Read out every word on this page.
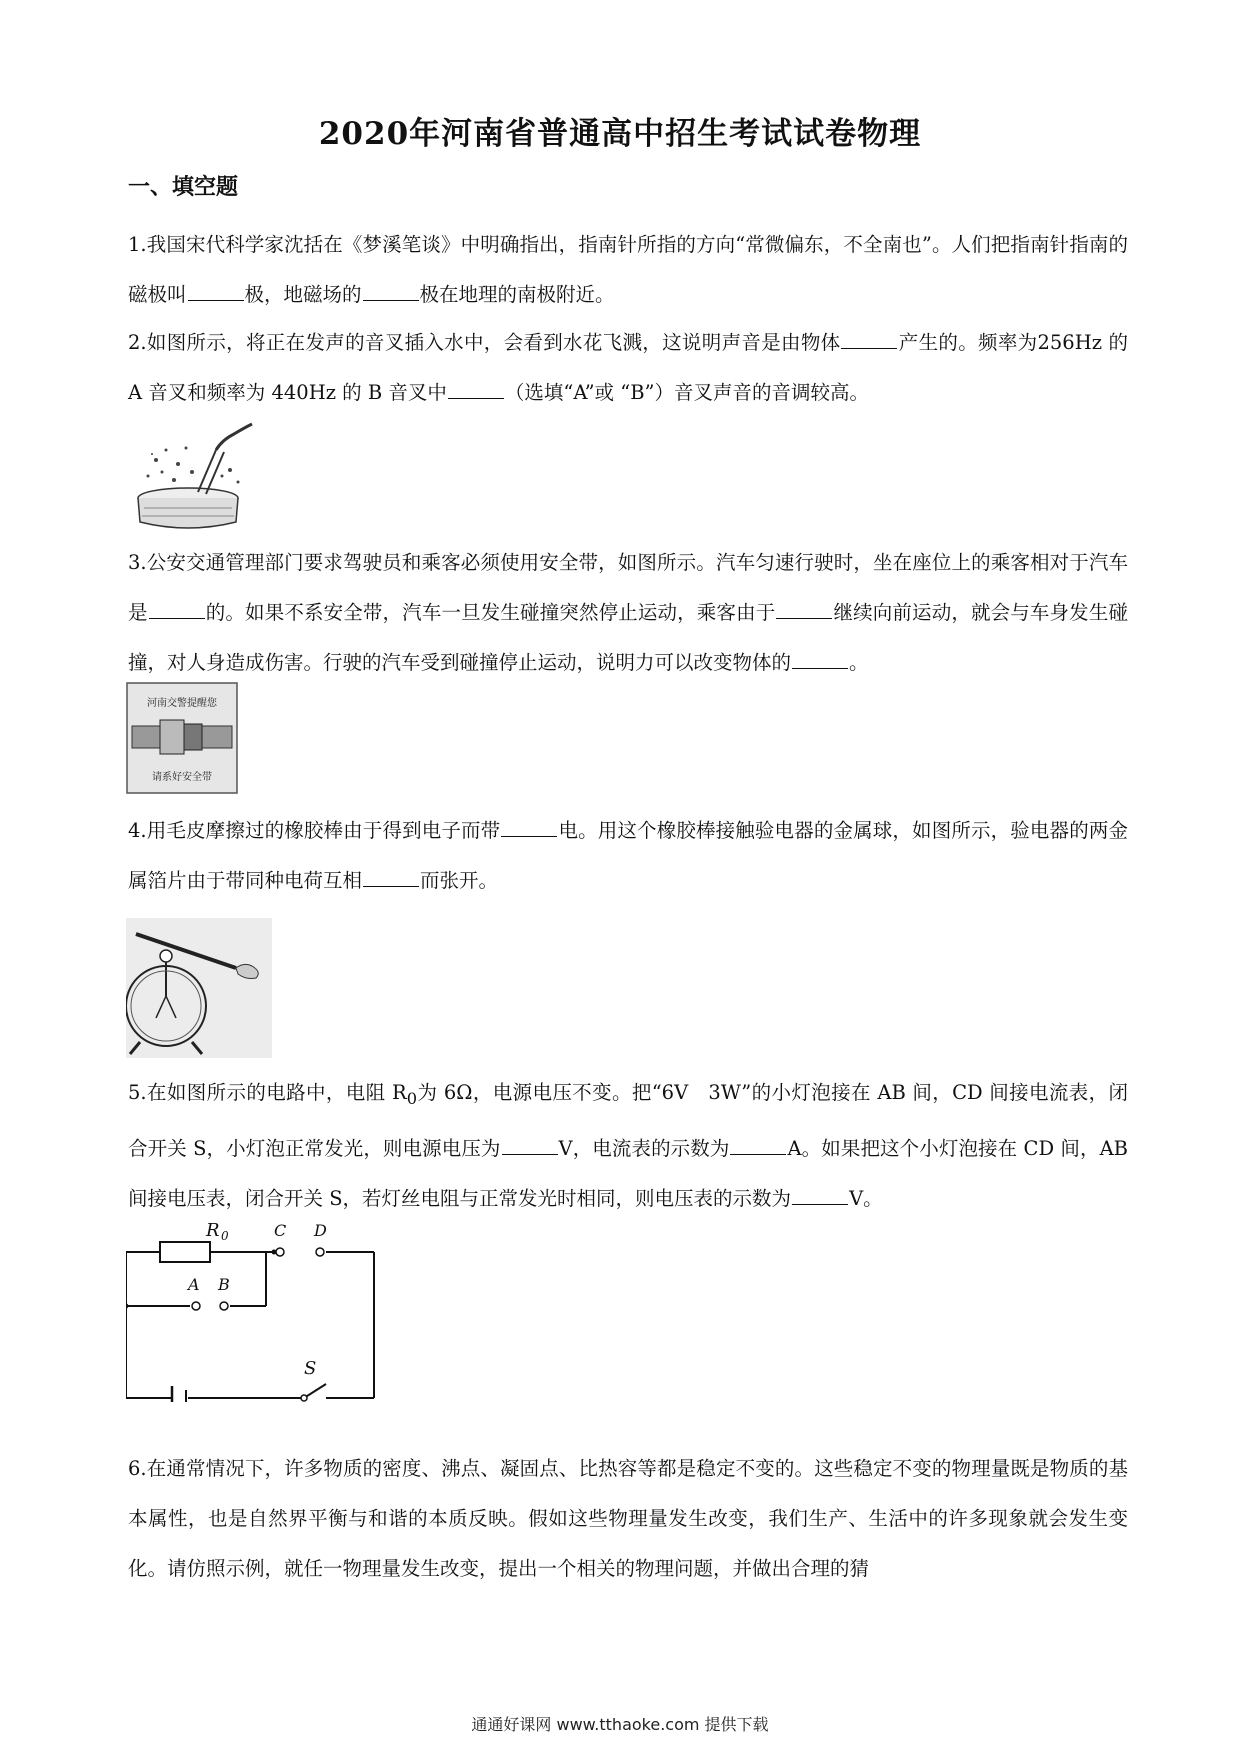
2020年河南省普通高中招生考试试卷物理
一、填空题
1.我国宋代科学家沈括在《梦溪笔谈》中明确指出，指南针所指的方向“常微偏东，不全南也”。人们把指南针指南的磁极叫	极，地磁场的	极在地理的南极附近。
2.如图所示，将正在发声的音叉插入水中，会看到水花飞溅，这说明声音是由物体	产生的。频率为256Hz 的 A 音叉和频率为 440Hz 的 B 音叉中	（选填“A”或 “B”）音叉声音的音调较高。
3.公安交通管理部门要求驾驶员和乘客必须使用安全带，如图所示。汽车匀速行驶时，坐在座位上的乘客相对于汽车是	的。如果不系安全带，汽车一旦发生碰撞突然停止运动，乘客由于	继续向前运动，就会与车身发生碰撞，对人身造成伤害。行驶的汽车受到碰撞停止运动，说明力可以改变物体的	。
河南交警提醒您
请系好安全带
4.用毛皮摩擦过的橡胶棒由于得到电子而带	电。用这个橡胶棒接触验电器的金属球，如图所示，验电器的两金属箔片由于带同种电荷互相	而张开。
5.在如图所示的电路中，电阻 $R_0$为 6Ω，电源电压不变。把“6V　3W”的小灯泡接在 AB 间，CD 间接电流表，闭合开关 S，小灯泡正常发光，则电源电压为	V，电流表的示数为	A。如果把这个小灯泡接在 CD 间，AB 间接电压表，闭合开关 S，若灯丝电阻与正常发光时相同，则电压表的示数为	V。
R 0	C D
A B
S
6.在通常情况下，许多物质的密度、沸点、凝固点、比热容等都是稳定不变的。这些稳定不变的物理量既是物质的基本属性，也是自然界平衡与和谐的本质反映。假如这些物理量发生改变，我们生产、生活中的许多现象就会发生变化。请仿照示例，就任一物理量发生改变，提出一个相关的物理问题，并做出合理的猜
通通好课网 www.tthaoke.com 提供下载
